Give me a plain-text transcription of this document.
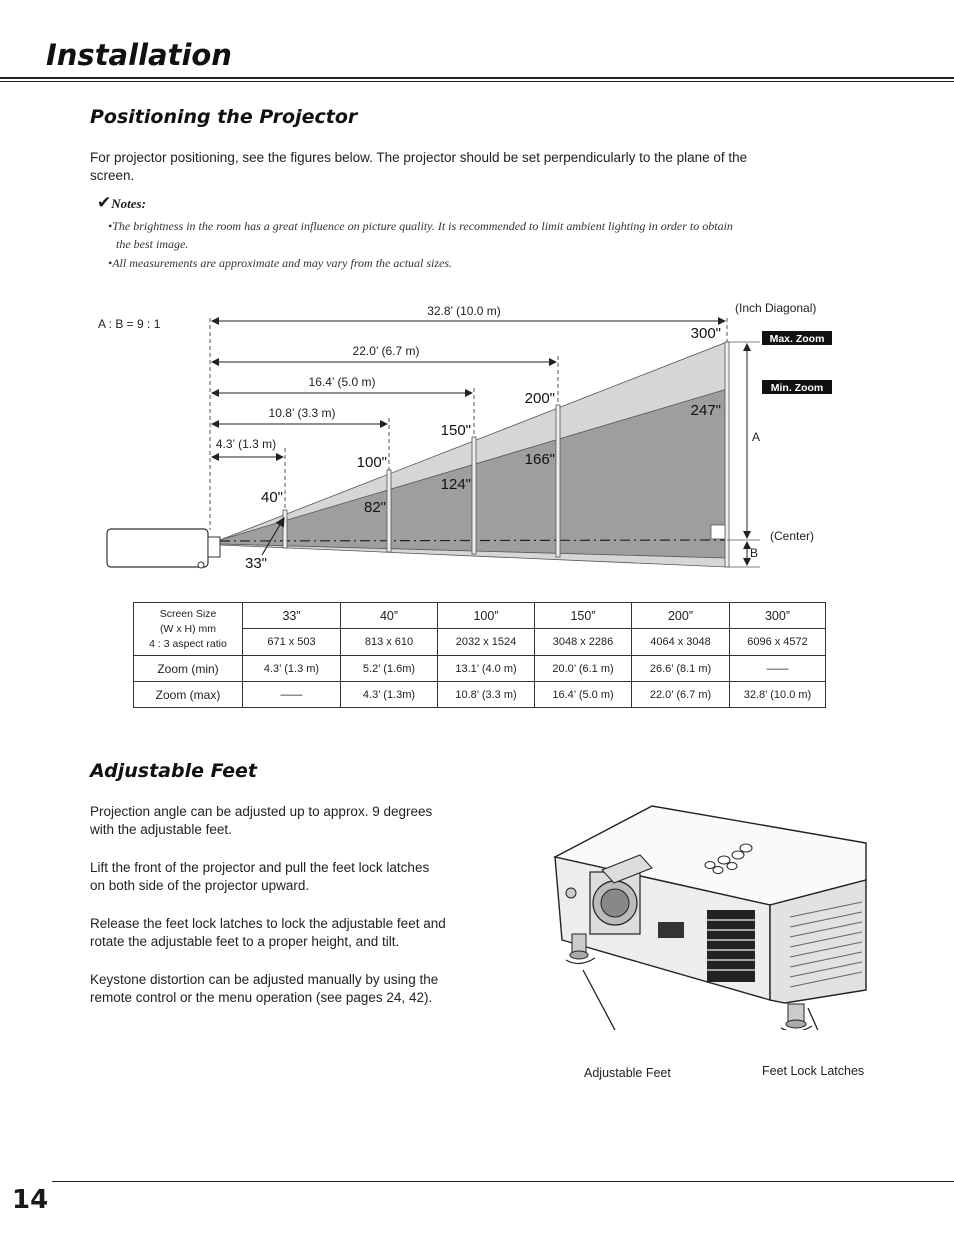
Installation
Positioning the Projector
For projector positioning, see the figures below. The projector should be set perpendicularly to the plane of the
screen.
✔Notes:
•The brightness in the room has a great influence on picture quality. It is recommended to limit ambient lighting in order to obtain
the best image.
•All measurements are approximate and may vary from the actual sizes.
Max. Zoom
Min. Zoom
A : B = 9 : 1
(Inch Diagonal)
A
B
(Center)
32.8’ (10.0 m)
22.0’ (6.7 m)
16.4’ (5.0 m)
10.8’ (3.3 m)
4.3’ (1.3 m)
300"
200"
150"
100"
40"
247"
166"
124"
82"
33"
Screen Size
(W x H) mm
4 : 3 aspect ratio	33”	40”	100”	150”	200”	300”
	671 x 503	813 x 610	2032 x 1524	3048 x 2286	4064 x 3048	6096 x 4572
Zoom (min)	4.3’ (1.3 m)	5.2’ (1.6m)	13.1’ (4.0 m)	20.0’ (6.1 m)	26.6’ (8.1 m)	——
Zoom (max)	——	4.3’ (1.3m)	10.8’ (3.3 m)	16.4’ (5.0 m)	22.0’ (6.7 m)	32.8’ (10.0 m)
Adjustable Feet
Projection angle can be adjusted up to approx. 9 degrees
with the adjustable feet.
Lift the front of the projector and pull the feet lock latches
on both side of the projector upward.
Release the feet lock latches to lock the adjustable feet and
rotate the adjustable feet to a proper height, and tilt.
Keystone distortion can be adjusted manually by using the
remote control or the menu operation (see pages 24, 42).
Adjustable Feet	Feet Lock Latches
14
